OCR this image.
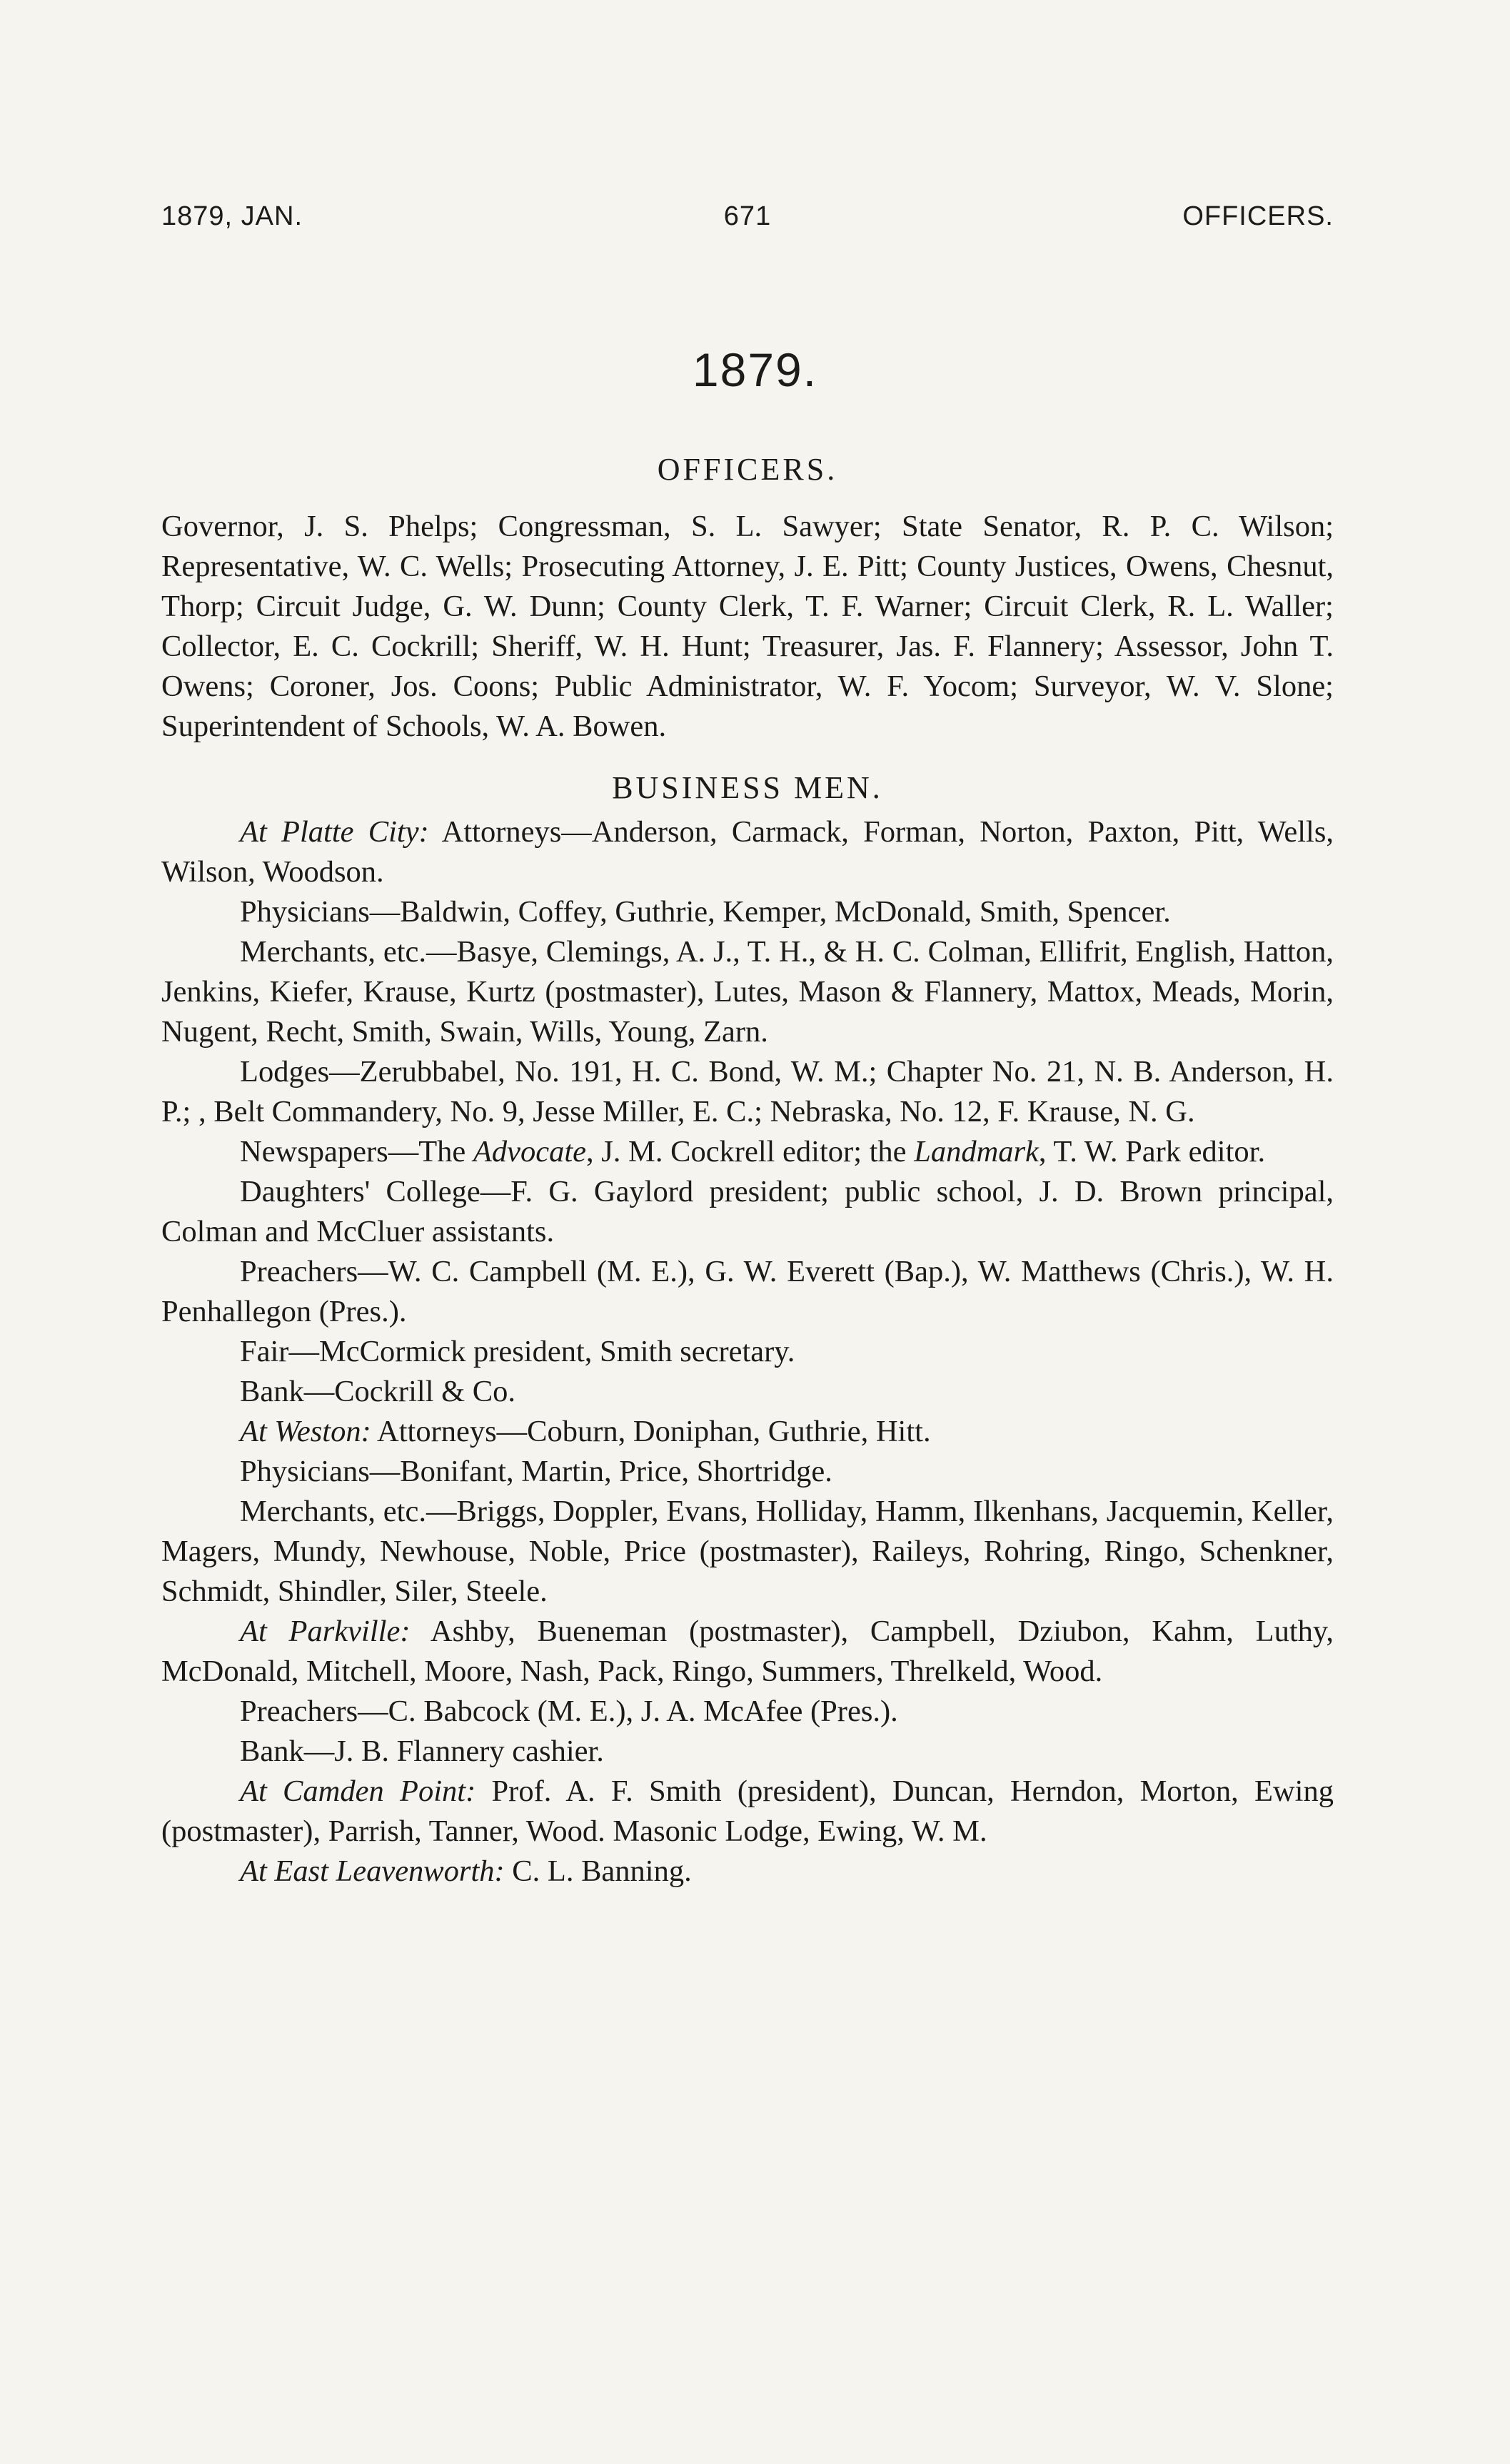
1879, JAN.	671	OFFICERS.
1879.

OFFICERS.

Governor, J. S. Phelps; Congressman, S. L. Sawyer; State Senator, R. P. C. Wilson; Representative, W. C. Wells; Prosecuting Attorney, J. E. Pitt; County Justices, Owens, Chesnut, Thorp; Circuit Judge, G. W. Dunn; County Clerk, T. F. Warner; Circuit Clerk, R. L. Waller; Collector, E. C. Cockrill; Sheriff, W. H. Hunt; Treasurer, Jas. F. Flannery; Assessor, John T. Owens; Coroner, Jos. Coons; Public Administrator, W. F. Yocom; Surveyor, W. V. Slone; Superintendent of Schools, W. A. Bowen.

BUSINESS MEN.

At Platte City: Attorneys—Anderson, Carmack, Forman, Norton, Paxton, Pitt, Wells, Wilson, Woodson.

Physicians—Baldwin, Coffey, Guthrie, Kemper, McDonald, Smith, Spencer.

Merchants, etc.—Basye, Clemings, A. J., T. H., & H. C. Colman, Ellifrit, English, Hatton, Jenkins, Kiefer, Krause, Kurtz (postmaster), Lutes, Mason & Flannery, Mattox, Meads, Morin, Nugent, Recht, Smith, Swain, Wills, Young, Zarn.

Lodges—Zerubbabel, No. 191, H. C. Bond, W. M.; Chapter No. 21, N. B. Anderson, H. P.; , Belt Commandery, No. 9, Jesse Miller, E. C.; Nebraska, No. 12, F. Krause, N. G.

Newspapers—The Advocate, J. M. Cockrell editor; the Landmark, T. W. Park editor.

Daughters' College—F. G. Gaylord president; public school, J. D. Brown principal, Colman and McCluer assistants.

Preachers—W. C. Campbell (M. E.), G. W. Everett (Bap.), W. Matthews (Chris.), W. H. Penhallegon (Pres.).

Fair—McCormick president, Smith secretary.

Bank—Cockrill & Co.

At Weston: Attorneys—Coburn, Doniphan, Guthrie, Hitt.

Physicians—Bonifant, Martin, Price, Shortridge.

Merchants, etc.—Briggs, Doppler, Evans, Holliday, Hamm, Ilkenhans, Jacquemin, Keller, Magers, Mundy, Newhouse, Noble, Price (postmaster), Raileys, Rohring, Ringo, Schenkner, Schmidt, Shindler, Siler, Steele.

At Parkville: Ashby, Bueneman (postmaster), Campbell, Dziubon, Kahm, Luthy, McDonald, Mitchell, Moore, Nash, Pack, Ringo, Summers, Threlkeld, Wood.

Preachers—C. Babcock (M. E.), J. A. McAfee (Pres.).

Bank—J. B. Flannery cashier.

At Camden Point: Prof. A. F. Smith (president), Duncan, Herndon, Morton, Ewing (postmaster), Parrish, Tanner, Wood. Masonic Lodge, Ewing, W. M.

At East Leavenworth: C. L. Banning.
